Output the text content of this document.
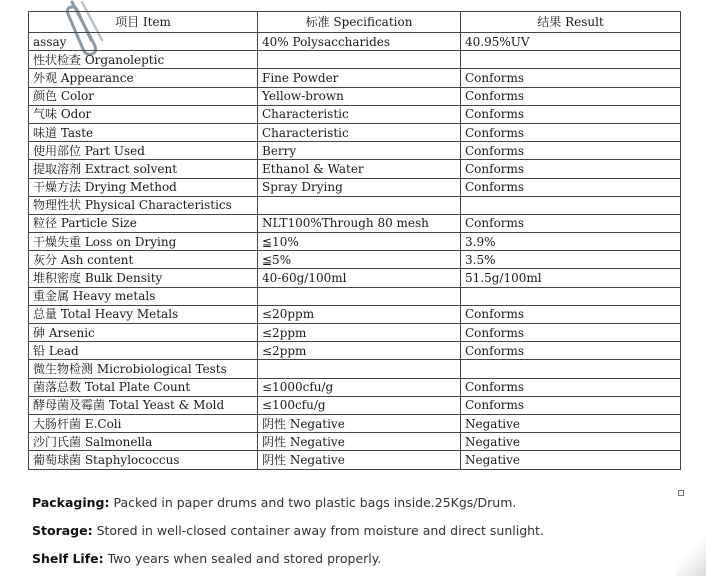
项目 Item	标准 Specification	结果 Result
assay	40% Polysaccharides	40.95%UV
性状检查 Organoleptic		
外观 Appearance	Fine Powder	Conforms
颜色 Color	Yellow-brown	Conforms
气味 Odor	Characteristic	Conforms
味道 Taste	Characteristic	Conforms
使用部位 Part Used	Berry	Conforms
提取溶剂 Extract solvent	Ethanol & Water	Conforms
干燥方法 Drying Method	Spray Drying	Conforms
物理性状 Physical Characteristics		
粒径 Particle Size	NLT100%Through 80 mesh	Conforms
干燥失重 Loss on Drying	≦10%	3.9%
灰分 Ash content	≦5%	3.5%
堆积密度 Bulk Density	40-60g/100ml	51.5g/100ml
重金属 Heavy metals		
总量 Total Heavy Metals	≤20ppm	Conforms
砷 Arsenic	≤2ppm	Conforms
铅 Lead	≤2ppm	Conforms
微生物检测 Microbiological Tests		
菌落总数 Total Plate Count	≤1000cfu/g	Conforms
酵母菌及霉菌 Total Yeast & Mold	≤100cfu/g	Conforms
大肠杆菌 E.Coli	阴性 Negative	Negative
沙门氏菌 Salmonella	阴性 Negative	Negative
葡萄球菌 Staphylococcus	阴性 Negative	Negative
Packaging: Packed in paper drums and two plastic bags inside.25Kgs/Drum.
Storage: Stored in well-closed container away from moisture and direct sunlight.
Shelf Life: Two years when sealed and stored properly.
